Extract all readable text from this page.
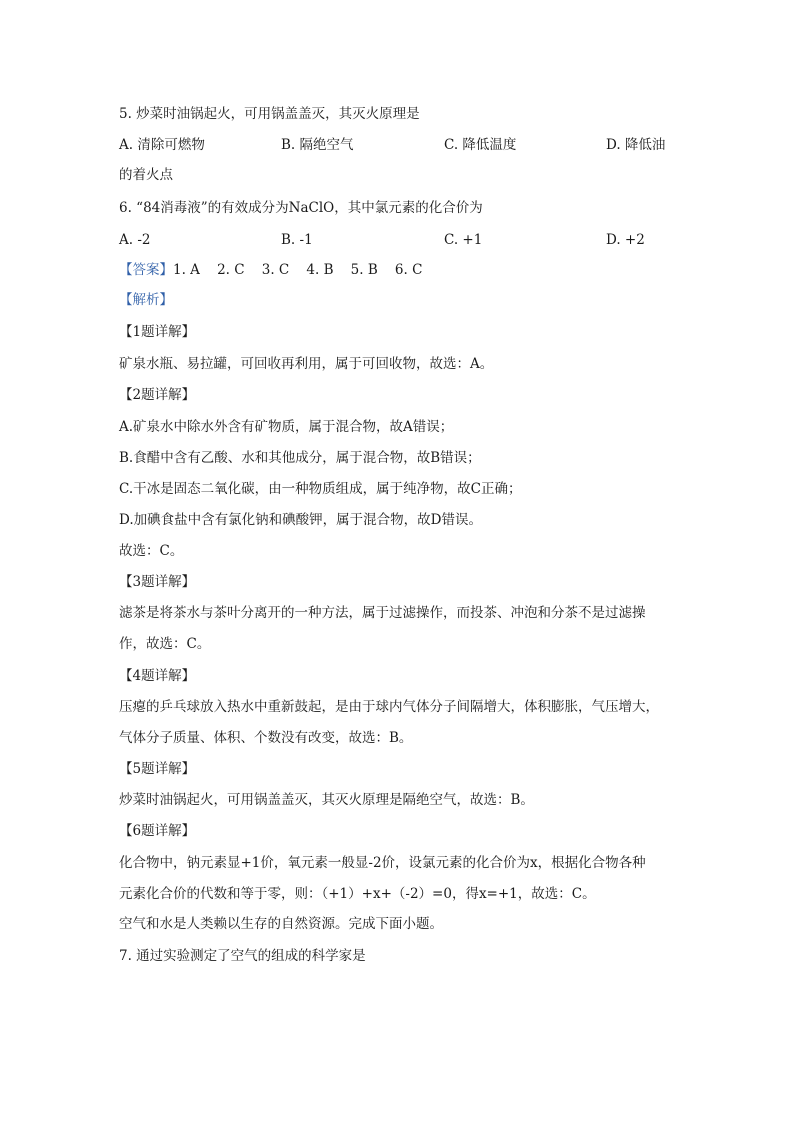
5. 炒菜时油锅起火，可用锅盖盖灭，其灭火原理是
A. 清除可燃物	B. 隔绝空气	C. 降低温度	D. 降低油
的着火点
6. “84消毒液”的有效成分为NaClO，其中氯元素的化合价为
A. -2	B. -1	C. +1	D. +2
【答案】1. A    2. C    3. C    4. B    5. B    6. C
【解析】
【1题详解】
矿泉水瓶、易拉罐，可回收再利用，属于可回收物，故选：A。
【2题详解】
A.矿泉水中除水外含有矿物质，属于混合物，故A错误；
B.食醋中含有乙酸、水和其他成分，属于混合物，故B错误；
C.干冰是固态二氧化碳，由一种物质组成，属于纯净物，故C正确；
D.加碘食盐中含有氯化钠和碘酸钾，属于混合物，故D错误。
故选：C。
【3题详解】
滤茶是将茶水与茶叶分离开的一种方法，属于过滤操作，而投茶、冲泡和分茶不是过滤操
作，故选：C。
【4题详解】
压瘪的乒乓球放入热水中重新鼓起，是由于球内气体分子间隔增大，体积膨胀，气压增大，
气体分子质量、体积、个数没有改变，故选：B。
【5题详解】
炒菜时油锅起火，可用锅盖盖灭，其灭火原理是隔绝空气，故选：B。
【6题详解】
化合物中，钠元素显+1价，氧元素一般显-2价，设氯元素的化合价为x，根据化合物各种
元素化合价的代数和等于零，则：（+1）+x+（-2）=0，得x=+1，故选：C。
空气和水是人类赖以生存的自然资源。完成下面小题。
7. 通过实验测定了空气的组成的科学家是
